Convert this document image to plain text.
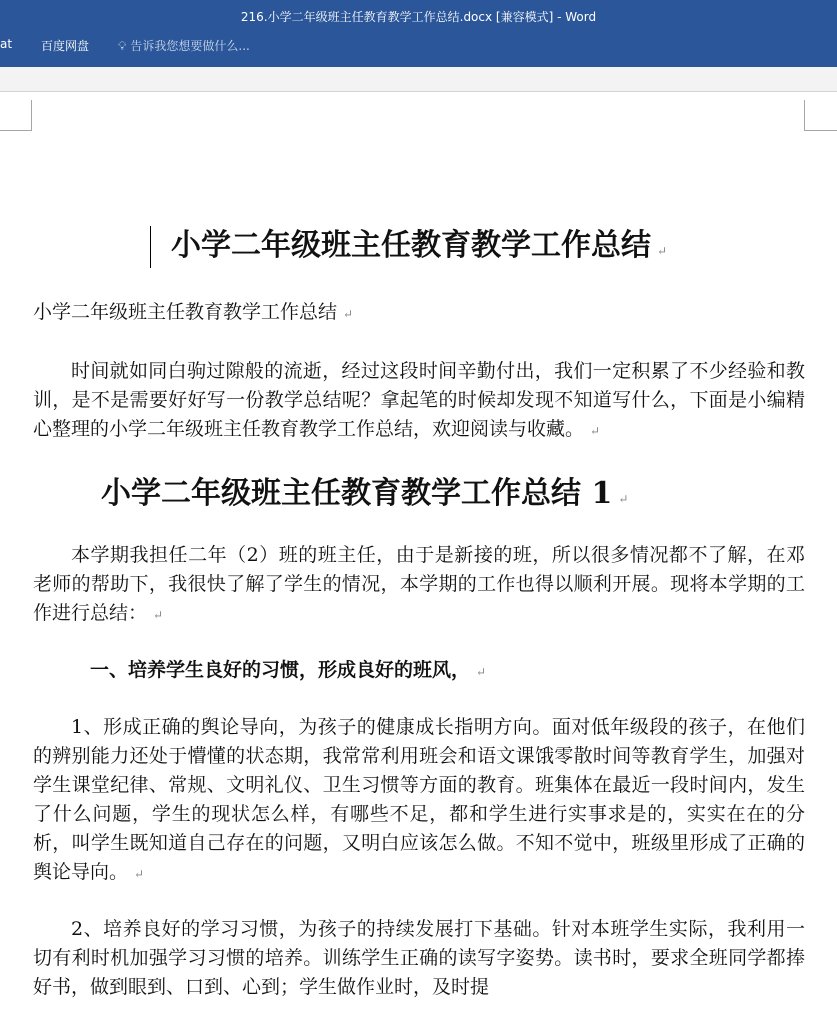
216.小学二年级班主任教育教学工作总结.docx [兼容模式] - Word
at 百度网盘 💡︎ 告诉我您想要做什么...

小学二年级班主任教育教学工作总结 ↵

小学二年级班主任教育教学工作总结 ↵

时间就如同白驹过隙般的流逝，经过这段时间辛勤付出，我们一定积累了不少经验和教训，是不是需要好好写一份教学总结呢？拿起笔的时候却发现不知道写什么，下面是小编精心整理的小学二年级班主任教育教学工作总结，欢迎阅读与收藏。 ↵

小学二年级班主任教育教学工作总结 1 ↵

本学期我担任二年（2）班的班主任，由于是新接的班，所以很多情况都不了解，在邓老师的帮助下，我很快了解了学生的情况，本学期的工作也得以顺利开展。现将本学期的工作进行总结： ↵

一、培养学生良好的习惯，形成良好的班风， ↵

1、形成正确的舆论导向，为孩子的健康成长指明方向。面对低年级段的孩子，在他们的辨别能力还处于懵懂的状态期，我常常利用班会和语文课饿零散时间等教育学生，加强对学生课堂纪律、常规、文明礼仪、卫生习惯等方面的教育。班集体在最近一段时间内，发生了什么问题，学生的现状怎么样，有哪些不足，都和学生进行实事求是的，实实在在的分析，叫学生既知道自己存在的问题，又明白应该怎么做。不知不觉中，班级里形成了正确的舆论导向。 ↵

2、培养良好的学习习惯，为孩子的持续发展打下基础。针对本班学生实际，我利用一切有利时机加强学习习惯的培养。训练学生正确的读写字姿势。读书时，要求全班同学都捧好书，做到眼到、口到、心到；学生做作业时，及时提
